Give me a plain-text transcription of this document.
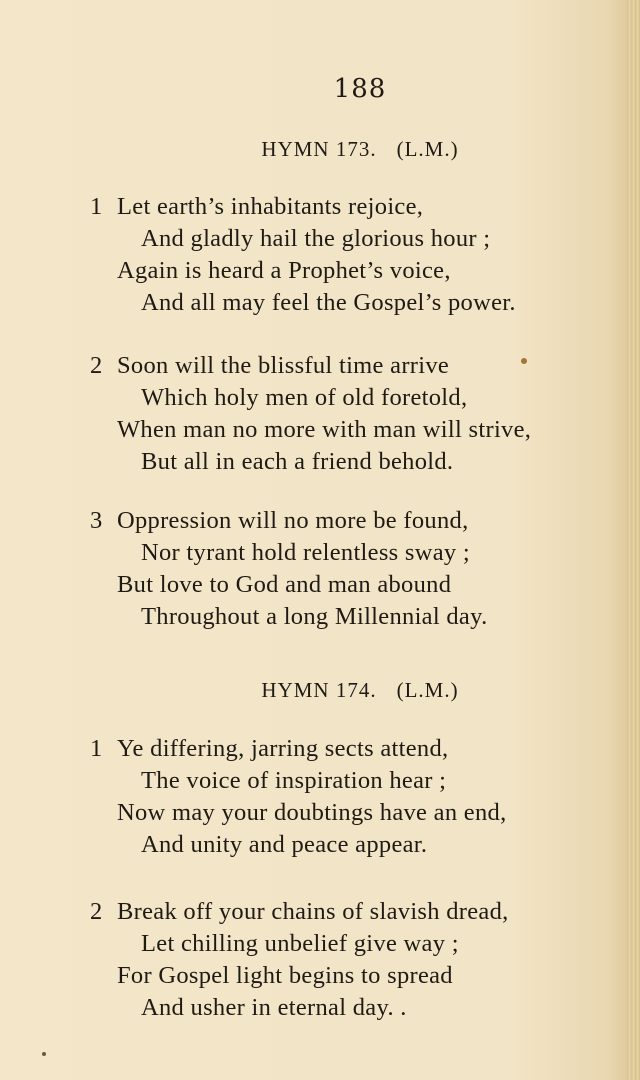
188
HYMN 173. (L.M.)
1 Let earth’s inhabitants rejoice,
And gladly hail the glorious hour ;
Again is heard a Prophet’s voice,
And all may feel the Gospel’s power.
2 Soon will the blissful time arrive
Which holy men of old foretold,
When man no more with man will strive,
But all in each a friend behold.
3 Oppression will no more be found,
Nor tyrant hold relentless sway ;
But love to God and man abound
Throughout a long Millennial day.
HYMN 174. (L.M.)
1 Ye differing, jarring sects attend,
The voice of inspiration hear ;
Now may your doubtings have an end,
And unity and peace appear.
2 Break off your chains of slavish dread,
Let chilling unbelief give way ;
For Gospel light begins to spread
And usher in eternal day. .
